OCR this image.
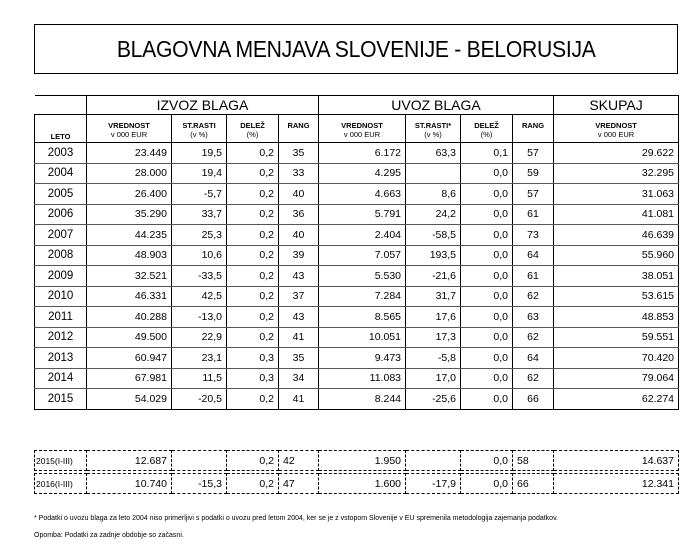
BLAGOVNA MENJAVA SLOVENIJE - BELORUSIJA
	IZVOZ BLAGA				UVOZ BLAGA				SKUPAJ
LETO	VREDNOST	ST.RASTI	DELEŽ	RANG	VREDNOST	ST.RASTI*	DELEŽ	RANG	VREDNOST
	v 000 EUR	(v %)	(%)		v 000 EUR	(v %)	(%)		v 000 EUR
2003	23.449	19,5	0,2	35	6.172	63,3	0,1	57	29.622
2004	28.000	19,4	0,2	33	4.295		0,0	59	32.295
2005	26.400	-5,7	0,2	40	4.663	8,6	0,0	57	31.063
2006	35.290	33,7	0,2	36	5.791	24,2	0,0	61	41.081
2007	44.235	25,3	0,2	40	2.404	-58,5	0,0	73	46.639
2008	48.903	10,6	0,2	39	7.057	193,5	0,0	64	55.960
2009	32.521	-33,5	0,2	43	5.530	-21,6	0,0	61	38.051
2010	46.331	42,5	0,2	37	7.284	31,7	0,0	62	53.615
2011	40.288	-13,0	0,2	43	8.565	17,6	0,0	63	48.853
2012	49.500	22,9	0,2	41	10.051	17,3	0,0	62	59.551
2013	60.947	23,1	0,3	35	9.473	-5,8	0,0	64	70.420
2014	67.981	11,5	0,3	34	11.083	17,0	0,0	62	79.064
2015	54.029	-20,5	0,2	41	8.244	-25,6	0,0	66	62.274
2015(I-III)	12.687		0,2	42	1.950		0,0	58	14.637
2016(I-III)	10.740	-15,3	0,2	47	1.600	-17,9	0,0	66	12.341
* Podatki o uvozu blaga za leto 2004 niso primerljivi s podatki o uvozu pred letom 2004, ker se je z vstopom Slovenije v EU spremenila metodologija zajemanja podatkov.
Opomba: Podatki za zadnje obdobje so začasni.
